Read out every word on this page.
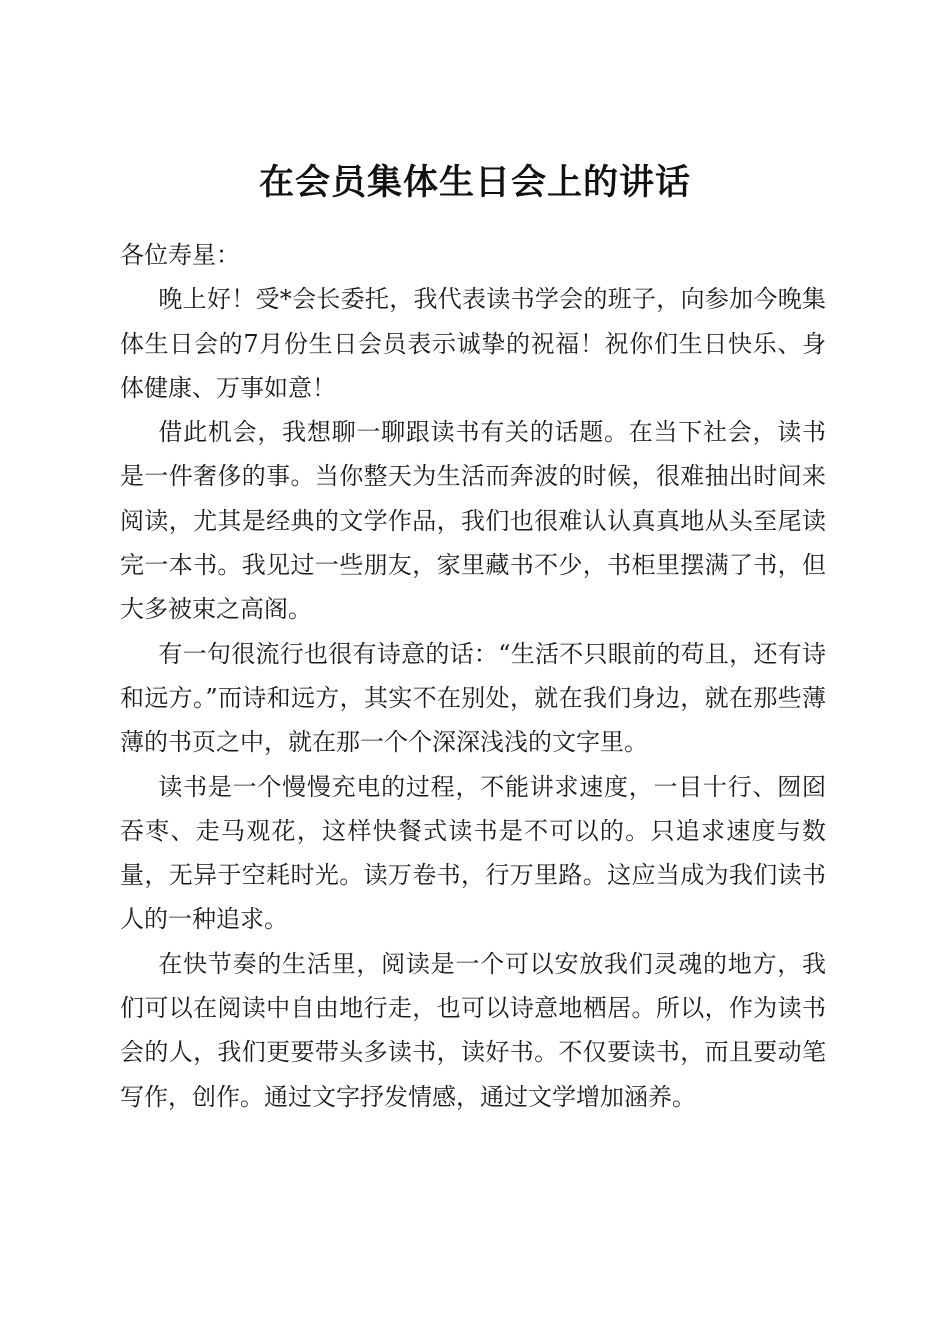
在会员集体生日会上的讲话

各位寿星：

晚上好！受*会长委托，我代表读书学会的班子，向参加今晚集体生日会的7月份生日会员表示诚挚的祝福！祝你们生日快乐、身体健康、万事如意！

借此机会，我想聊一聊跟读书有关的话题。在当下社会，读书是一件奢侈的事。当你整天为生活而奔波的时候，很难抽出时间来阅读，尤其是经典的文学作品，我们也很难认认真真地从头至尾读完一本书。我见过一些朋友，家里藏书不少，书柜里摆满了书，但大多被束之高阁。

有一句很流行也很有诗意的话：“生活不只眼前的苟且，还有诗和远方。”而诗和远方，其实不在别处，就在我们身边，就在那些薄薄的书页之中，就在那一个个深深浅浅的文字里。

读书是一个慢慢充电的过程，不能讲求速度，一目十行、囫囵吞枣、走马观花，这样快餐式读书是不可以的。只追求速度与数量，无异于空耗时光。读万卷书，行万里路。这应当成为我们读书人的一种追求。

在快节奏的生活里，阅读是一个可以安放我们灵魂的地方，我们可以在阅读中自由地行走，也可以诗意地栖居。所以，作为读书会的人，我们更要带头多读书，读好书。不仅要读书，而且要动笔写作，创作。通过文字抒发情感，通过文学增加涵养。
